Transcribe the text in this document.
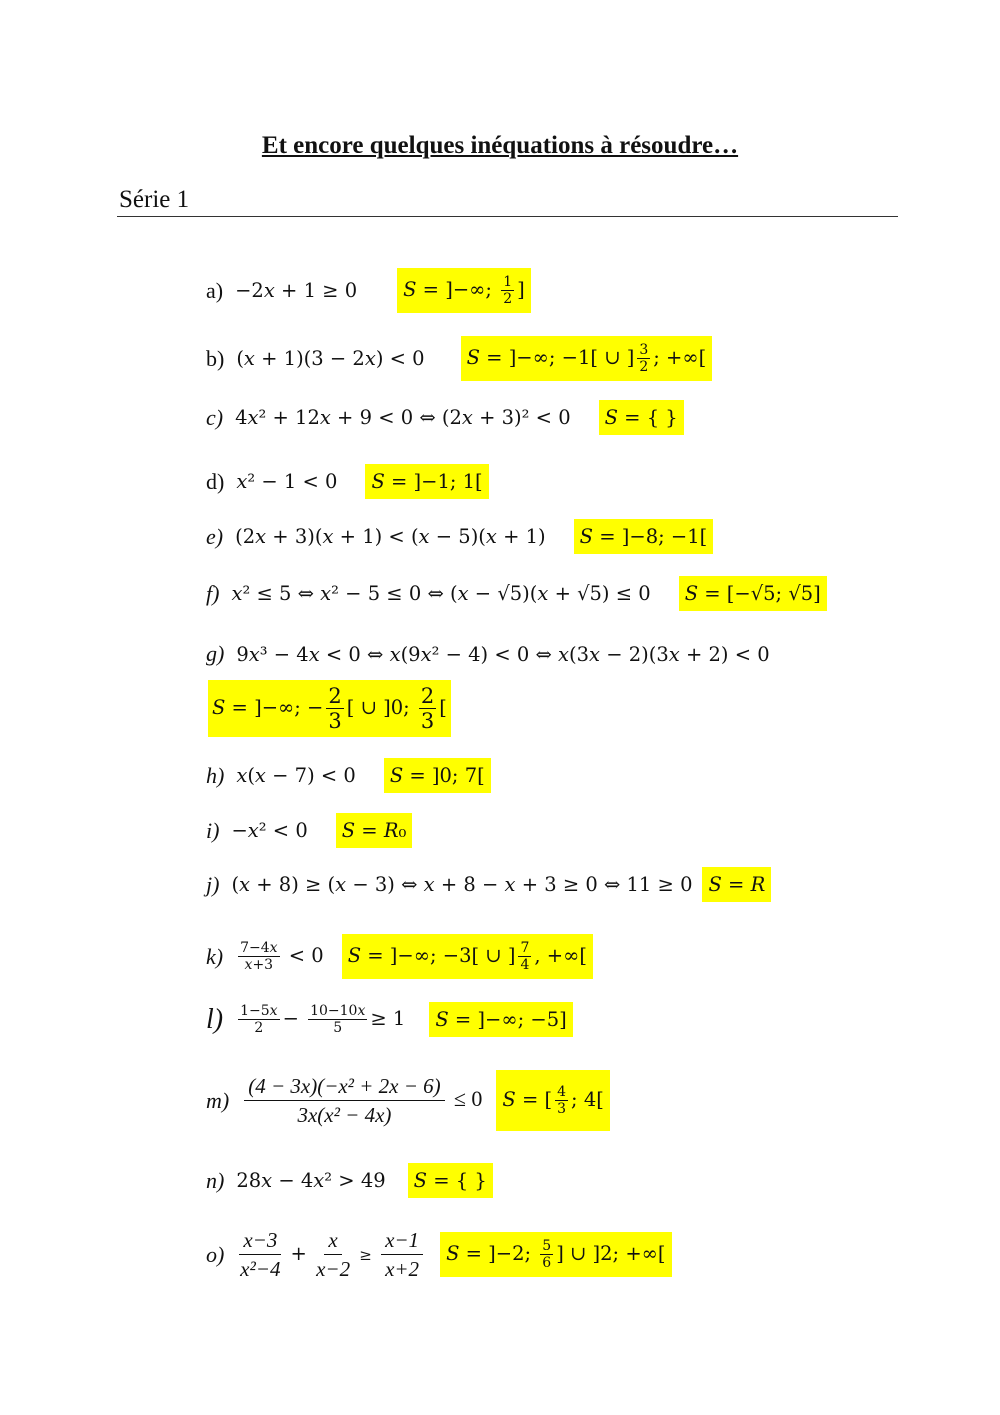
Et encore quelques inéquations à résoudre…
Série 1
a) −2𝑥 + 1 ≥ 0	𝑆 = ]−∞; $\frac{1}{2}$ ]
b) (𝑥 + 1)(3 − 2𝑥) < 0	𝑆 = ]−∞; −1[ ∪ ] $\frac{3}{2}$ ; +∞[
c) 4𝑥² + 12𝑥 + 9 < 0 ⇔ (2𝑥 + 3)² < 0	𝑆 = { }
d) 𝑥² − 1 < 0	𝑆 = ]−1; 1[
e) (2𝑥 + 3)(𝑥 + 1) < (𝑥 − 5)(𝑥 + 1)	𝑆 = ]−8; −1[
f) 𝑥² ≤ 5 ⇔ 𝑥² − 5 ≤ 0 ⇔ (𝑥 − √5)(𝑥 + √5) ≤ 0	𝑆 = [−√5; √5]
g) 9𝑥³ − 4𝑥 < 0 ⇔ 𝑥(9𝑥² − 4) < 0 ⇔ 𝑥(3𝑥 − 2)(3𝑥 + 2) < 0
𝑆 = ]−∞; − $\frac{2}{3}$ [ ∪ ]0; $\frac{2}{3}$ [
h) 𝑥(𝑥 − 7) < 0	𝑆 = ]0; 7[
i) −𝑥² < 0	𝑆 = 𝑅₀
j) (𝑥 + 8) ≥ (𝑥 − 3) ⇔ 𝑥 + 8 − 𝑥 + 3 ≥ 0 ⇔ 11 ≥ 0 𝑆 = 𝑅
$k) \frac{\text{7−4𝑥}}{\text{𝑥+3}} < 0$	𝑆 = ]−∞; −3[ ∪ ] $\frac{7}{4}$ , +∞[
$l) \frac{\text{1−5𝑥}}{2} - \frac{\text{10−10𝑥}}{5} \ge 1$	𝑆 = ]−∞; −5]
$m) \frac{\text{(4 − 3x)(−x² + 2x − 6)}}{\text{3x(x² − 4x)}} \le 0$	𝑆 = [ $\frac{4}{3}$ ; 4[
n) 28𝑥 − 4𝑥² > 49	𝑆 = { }
$o) \frac{x-3}{\text{x²−4}} + \frac{x}{x-2} \ge \frac{x-1}{x+2}$	𝑆 = ]−2; $\frac{5}{6}$ ] ∪ ]2; +∞[
